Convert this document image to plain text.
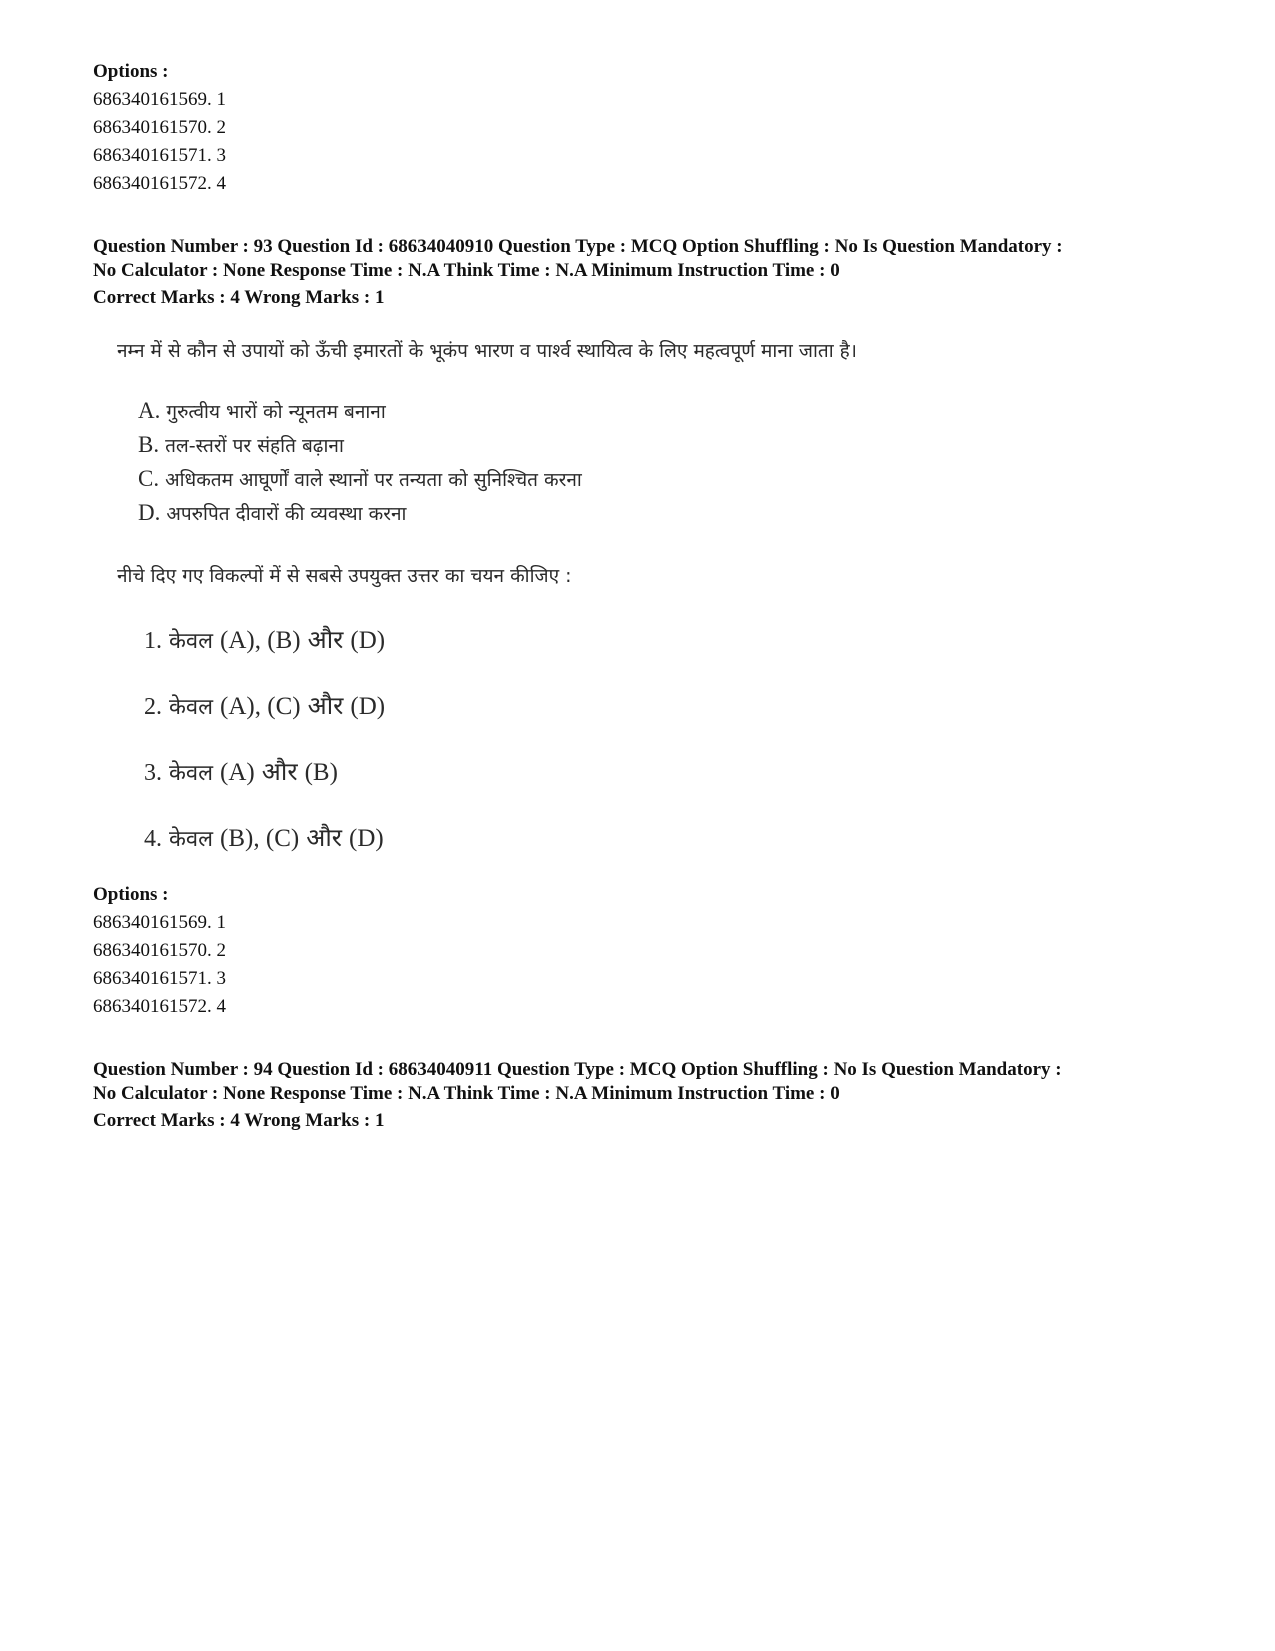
Options :
686340161569. 1
686340161570. 2
686340161571. 3
686340161572. 4
Question Number : 93 Question Id : 68634040910 Question Type : MCQ Option Shuffling : No Is Question Mandatory :
No Calculator : None Response Time : N.A Think Time : N.A Minimum Instruction Time : 0
Correct Marks : 4 Wrong Marks : 1
नम्न में से कौन से उपायों को ऊँची इमारतों के भूकंप भारण व पार्श्व स्थायित्व के लिए महत्वपूर्ण माना जाता है।
A. गुरुत्वीय भारों को न्यूनतम बनाना
B. तल-स्तरों पर संहति बढ़ाना
C. अधिकतम आघूर्णों वाले स्थानों पर तन्यता को सुनिश्चित करना
D. अपरुपित दीवारों की व्यवस्था करना
नीचे दिए गए विकल्पों में से सबसे उपयुक्त उत्तर का चयन कीजिए :
1. केवल (A), (B) और (D)
2. केवल (A), (C) और (D)
3. केवल (A) और (B)
4. केवल (B), (C) और (D)
Options :
686340161569. 1
686340161570. 2
686340161571. 3
686340161572. 4
Question Number : 94 Question Id : 68634040911 Question Type : MCQ Option Shuffling : No Is Question Mandatory :
No Calculator : None Response Time : N.A Think Time : N.A Minimum Instruction Time : 0
Correct Marks : 4 Wrong Marks : 1
